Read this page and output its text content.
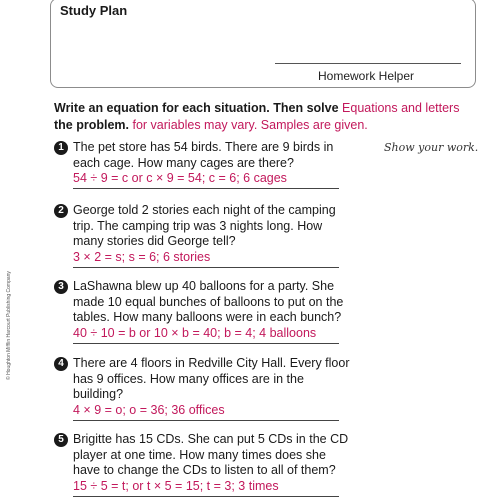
Study Plan
Homework Helper
Write an equation for each situation. Then solve Equations and letters
the problem. for variables may vary. Samples are given.
Show your work.
1 The pet store has 54 birds. There are 9 birds in each cage. How many cages are there?
54 ÷ 9 = c or c × 9 = 54; c = 6; 6 cages
2 George told 2 stories each night of the camping trip. The camping trip was 3 nights long. How many stories did George tell?
3 × 2 = s; s = 6; 6 stories
3 LaShawna blew up 40 balloons for a party. She made 10 equal bunches of balloons to put on the tables. How many balloons were in each bunch?
40 ÷ 10 = b or 10 × b = 40; b = 4; 4 balloons
4 There are 4 floors in Redville City Hall. Every floor has 9 offices. How many offices are in the building?
4 × 9 = o; o = 36; 36 offices
5 Brigitte has 15 CDs. She can put 5 CDs in the CD player at one time. How many times does she have to change the CDs to listen to all of them?
15 ÷ 5 = t; or t × 5 = 15; t = 3; 3 times
© Houghton Mifflin Harcourt Publishing Company
